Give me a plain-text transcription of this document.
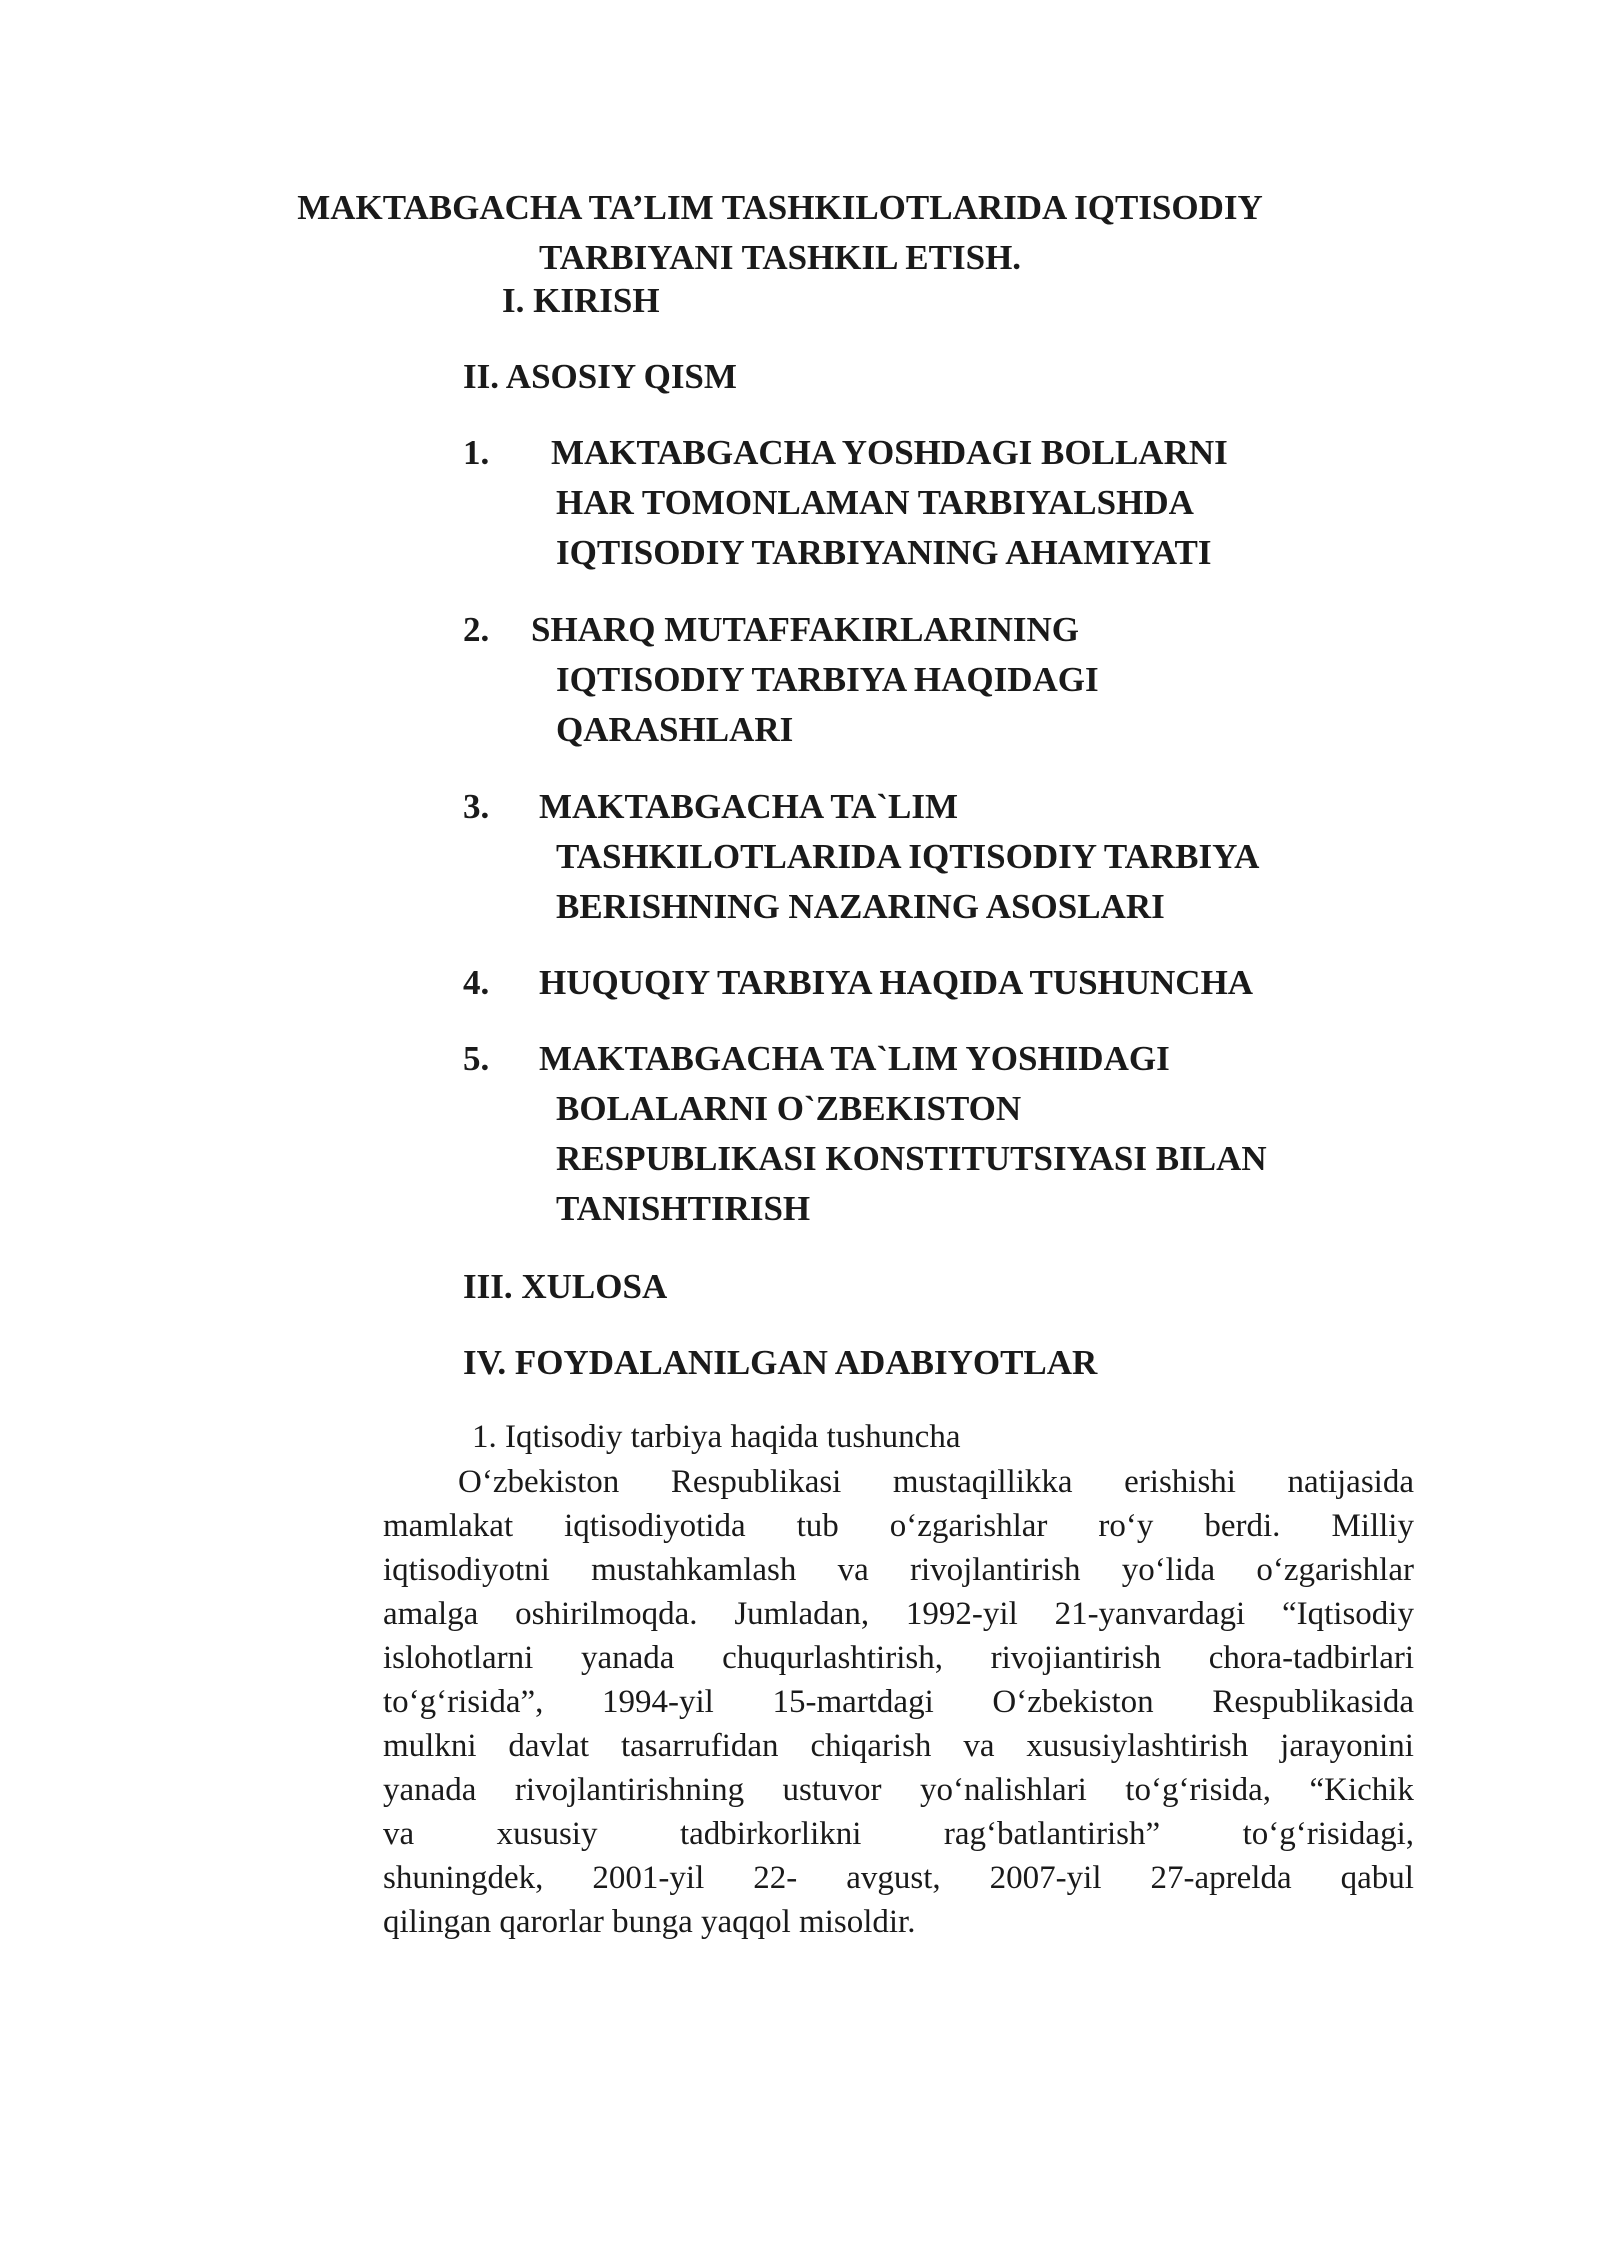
MAKTABGACHA TA’LIM TASHKILOTLARIDA IQTISODIY
TARBIYANI TASHKIL ETISH.
I. KIRISH
II. ASOSIY QISM
1. MAKTABGACHA YOSHDAGI BOLLARNI
HAR TOMONLAMAN TARBIYALSHDA
IQTISODIY TARBIYANING AHAMIYATI
2. SHARQ MUTAFFAKIRLARINING
IQTISODIY TARBIYA HAQIDAGI
QARASHLARI
3. MAKTABGACHA TA`LIM
TASHKILOTLARIDA IQTISODIY TARBIYA
BERISHNING NAZARING ASOSLARI
4. HUQUQIY TARBIYA HAQIDA TUSHUNCHA
5. MAKTABGACHA TA`LIM YOSHIDAGI
BOLALARNI O`ZBEKISTON
RESPUBLIKASI KONSTITUTSIYASI BILAN
TANISHTIRISH
III. XULOSA
IV. FOYDALANILGAN ADABIYOTLAR

1. Iqtisodiy tarbiya haqida tushuncha

O‘zbekiston Respublikasi mustaqillikka erishishi natijasida
mamlakat iqtisodiyotida tub o‘zgarishlar ro‘y berdi. Milliy
iqtisodiyotni mustahkamlash va rivojlantirish yo‘lida o‘zgarishlar
amalga oshirilmoqda. Jumladan, 1992-yil 21-yanvardagi “Iqtisodiy
islohotlarni yanada chuqurlashtirish, rivojiantirish chora-tadbirlari
to‘g‘risida”, 1994-yil 15-martdagi O‘zbekiston Respublikasida
mulkni davlat tasarrufidan chiqarish va xususiylashtirish jarayonini
yanada rivojlantirishning ustuvor yo‘nalishlari to‘g‘risida, “Kichik
va xususiy tadbirkorlikni rag‘batlantirish” to‘g‘risidagi,
shuningdek, 2001-yil 22- avgust, 2007-yil 27-aprelda qabul
qilingan qarorlar bunga yaqqol misoldir.
